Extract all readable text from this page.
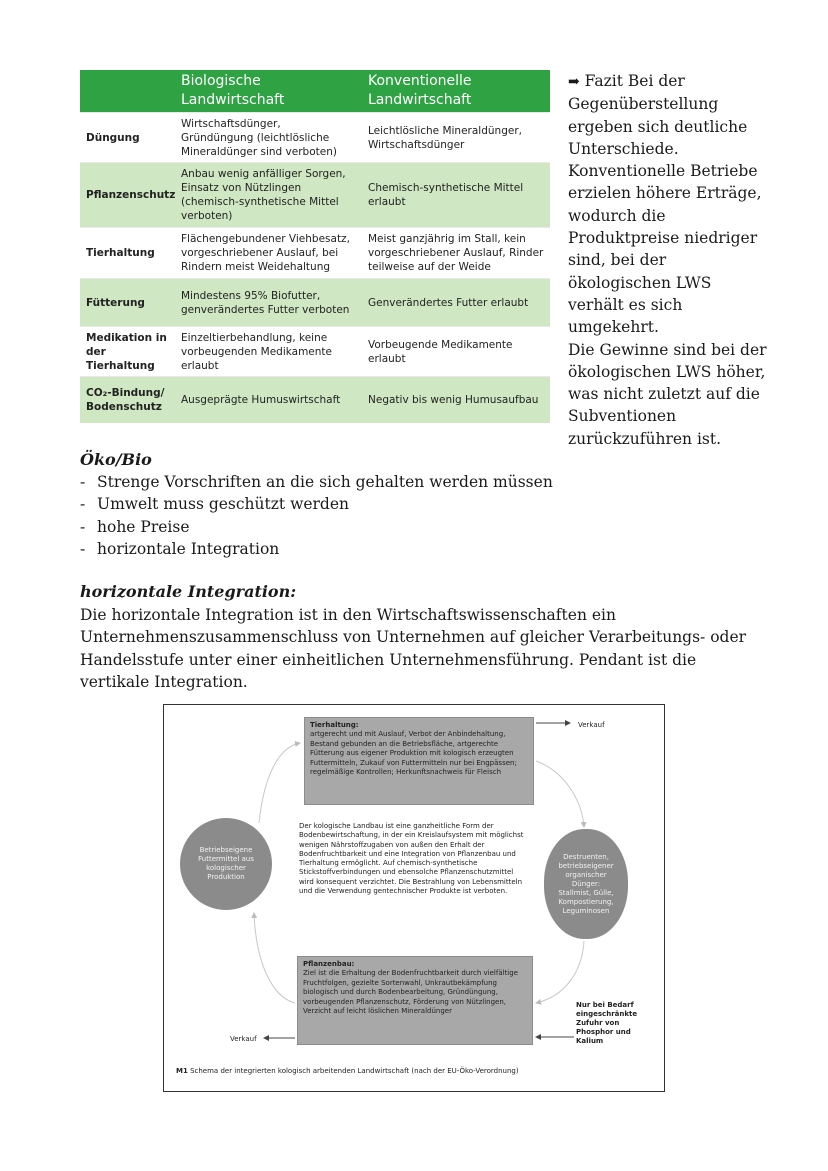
	Biologische Landwirtschaft	Konventionelle Landwirtschaft
Düngung	Wirtschaftsdünger, Gründüngung (leichtlösliche Mineraldünger sind verboten)	Leichtlösliche Mineraldünger, Wirtschaftsdünger
Pflanzenschutz	Anbau wenig anfälliger Sorgen, Einsatz von Nützlingen (chemisch-synthetische Mittel verboten)	Chemisch-synthetische Mittel erlaubt
Tierhaltung	Flächengebundener Viehbesatz, vorgeschriebener Auslauf, bei Rindern meist Weidehaltung	Meist ganzjährig im Stall, kein vorgeschriebener Auslauf, Rinder teilweise auf der Weide
Fütterung	Mindestens 95% Biofutter, genverändertes Futter verboten	Genverändertes Futter erlaubt
Medikation in der Tierhaltung	Einzeltierbehandlung, keine vorbeugenden Medikamente erlaubt	Vorbeugende Medikamente erlaubt
CO₂-Bindung/ Bodenschutz	Ausgeprägte Humuswirtschaft	Negativ bis wenig Humusaufbau
➡ Fazit Bei der Gegenüberstellung ergeben sich deutliche Unterschiede. Konventionelle Betriebe erzielen höhere Erträge, wodurch die Produktpreise niedriger sind, bei der ökologischen LWS verhält es sich umgekehrt.
Die Gewinne sind bei der ökologischen LWS höher, was nicht zuletzt auf die Subventionen zurückzuführen ist.
Öko/Bio
- Strenge Vorschriften an die sich gehalten werden müssen
- Umwelt muss geschützt werden
- hohe Preise
- horizontale Integration
horizontale Integration:
Die horizontale Integration ist in den Wirtschaftswissenschaften ein Unternehmenszusammenschluss von Unternehmen auf gleicher Verarbeitungs- oder Handelsstufe unter einer einheitlichen Unternehmensführung. Pendant ist die vertikale Integration.
Tierhaltung:
artgerecht und mit Auslauf, Verbot der Anbindehaltung, Bestand gebunden an die Betriebsfläche, artgerechte Fütterung aus eigener Produktion mit kologisch erzeugten Futtermitteln, Zukauf von Futtermitteln nur bei Engpässen; regelmäßige Kontrollen; Herkunftsnachweis für Fleisch
Der kologische Landbau ist eine ganzheitliche Form der Bodenbewirtschaftung, in der ein Kreislaufsystem mit möglichst wenigen Nährstoffzugaben von außen den Erhalt der Bodenfruchtbarkeit und eine Integration von Pflanzenbau und Tierhaltung ermöglicht. Auf chemisch-synthetische Stickstoffverbindungen und ebensolche Pflanzenschutzmittel wird konsequent verzichtet. Die Bestrahlung von Lebensmitteln und die Verwendung gentechnischer Produkte ist verboten.
Pflanzenbau:
Ziel ist die Erhaltung der Bodenfruchtbarkeit durch vielfältige Fruchtfolgen, gezielte Sortenwahl, Unkrautbekämpfung biologisch und durch Bodenbearbeitung, Gründüngung, vorbeugenden Pflanzenschutz, Förderung von Nützlingen, Verzicht auf leicht löslichen Mineraldünger
Betriebseigene Futtermittel aus kologischer Produktion
Destruenten, betriebseigener organischer Dünger: Stallmist, Gülle, Kompostierung, Leguminosen
Verkauf
Verkauf
Nur bei Bedarf eingeschränkte Zufuhr von Phosphor und Kalium
M1 Schema der integrierten kologisch arbeitenden Landwirtschaft (nach der EU-Öko-Verordnung)
